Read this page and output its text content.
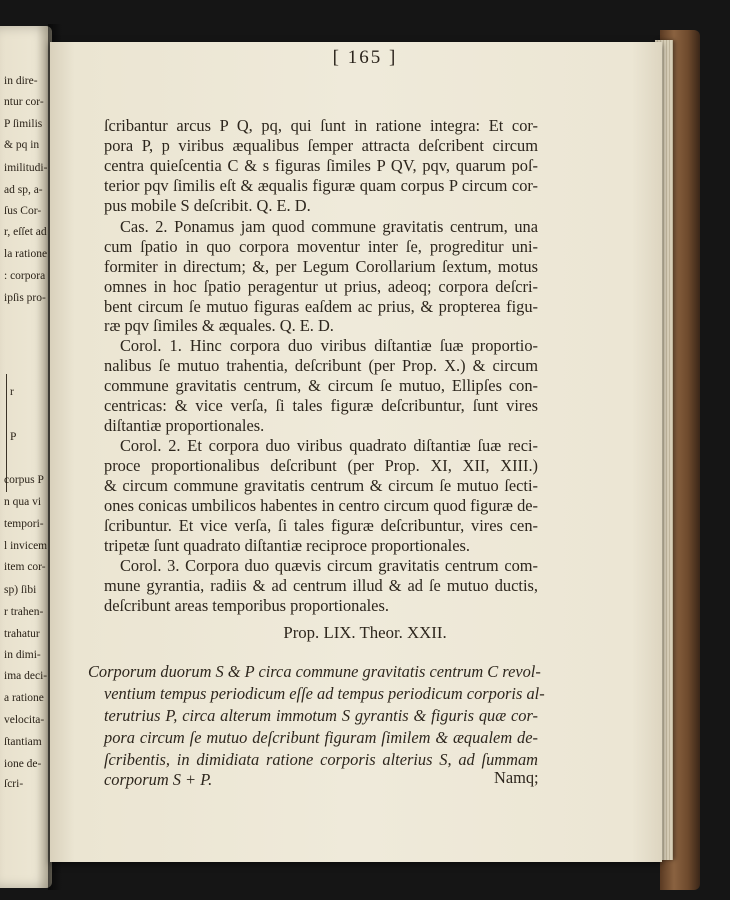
r
P
in dire-
ntur cor-
P ſimilis
& pq in
imilitudi-
ad sp, a-
ſus Cor-
r, eſſet ad
la ratione
: corpora
ipſis pro-
corpus P
n qua vi
tempori-
l invicem
item cor-
sp) ſibi
r trahen-
trahatur
in dimi-
ima deci-
a ratione
velocita-
ſtantiam
ione de-
ſcri-
[ 165 ]
ſcribantur arcus P Q, pq, qui ſunt in ratione integra: Et cor-
pora P, p viribus æqualibus ſemper attracta deſcribent circum
centra quieſcentia C & s figuras ſimiles P QV, pqv, quarum poſ-
terior pqv ſimilis eſt & æqualis figuræ quam corpus P circum cor-
pus mobile S deſcribit. Q. E. D.
Cas. 2. Ponamus jam quod commune gravitatis centrum, una
cum ſpatio in quo corpora moventur inter ſe, progreditur uni-
formiter in directum; &, per Legum Corollarium ſextum, motus
omnes in hoc ſpatio peragentur ut prius, adeoq; corpora deſcri-
bent circum ſe mutuo figuras eaſdem ac prius, & propterea figu-
ræ pqv ſimiles & æquales. Q. E. D.
Corol. 1. Hinc corpora duo viribus diſtantiæ ſuæ proportio-
nalibus ſe mutuo trahentia, deſcribunt (per Prop. X.) & circum
commune gravitatis centrum, & circum ſe mutuo, Ellipſes con-
centricas: & vice verſa, ſi tales figuræ deſcribuntur, ſunt vires
diſtantiæ proportionales.
Corol. 2. Et corpora duo viribus quadrato diſtantiæ ſuæ reci-
proce proportionalibus deſcribunt (per Prop. XI, XII, XIII.)
& circum commune gravitatis centrum & circum ſe mutuo ſecti-
ones conicas umbilicos habentes in centro circum quod figuræ de-
ſcribuntur. Et vice verſa, ſi tales figuræ deſcribuntur, vires cen-
tripetæ ſunt quadrato diſtantiæ reciproce proportionales.
Corol. 3. Corpora duo quævis circum gravitatis centrum com-
mune gyrantia, radiis & ad centrum illud & ad ſe mutuo ductis,
deſcribunt areas temporibus proportionales.
Prop. LIX. Theor. XXII.
Corporum duorum S & P circa commune gravitatis centrum C revol-
ventium tempus periodicum eſſe ad tempus periodicum corporis al-
terutrius P, circa alterum immotum S gyrantis & figuris quæ cor-
pora circum ſe mutuo deſcribunt figuram ſimilem & æqualem de-
ſcribentis, in dimidiata ratione corporis alterius S, ad ſummam
corporum S + P.	Namq;
